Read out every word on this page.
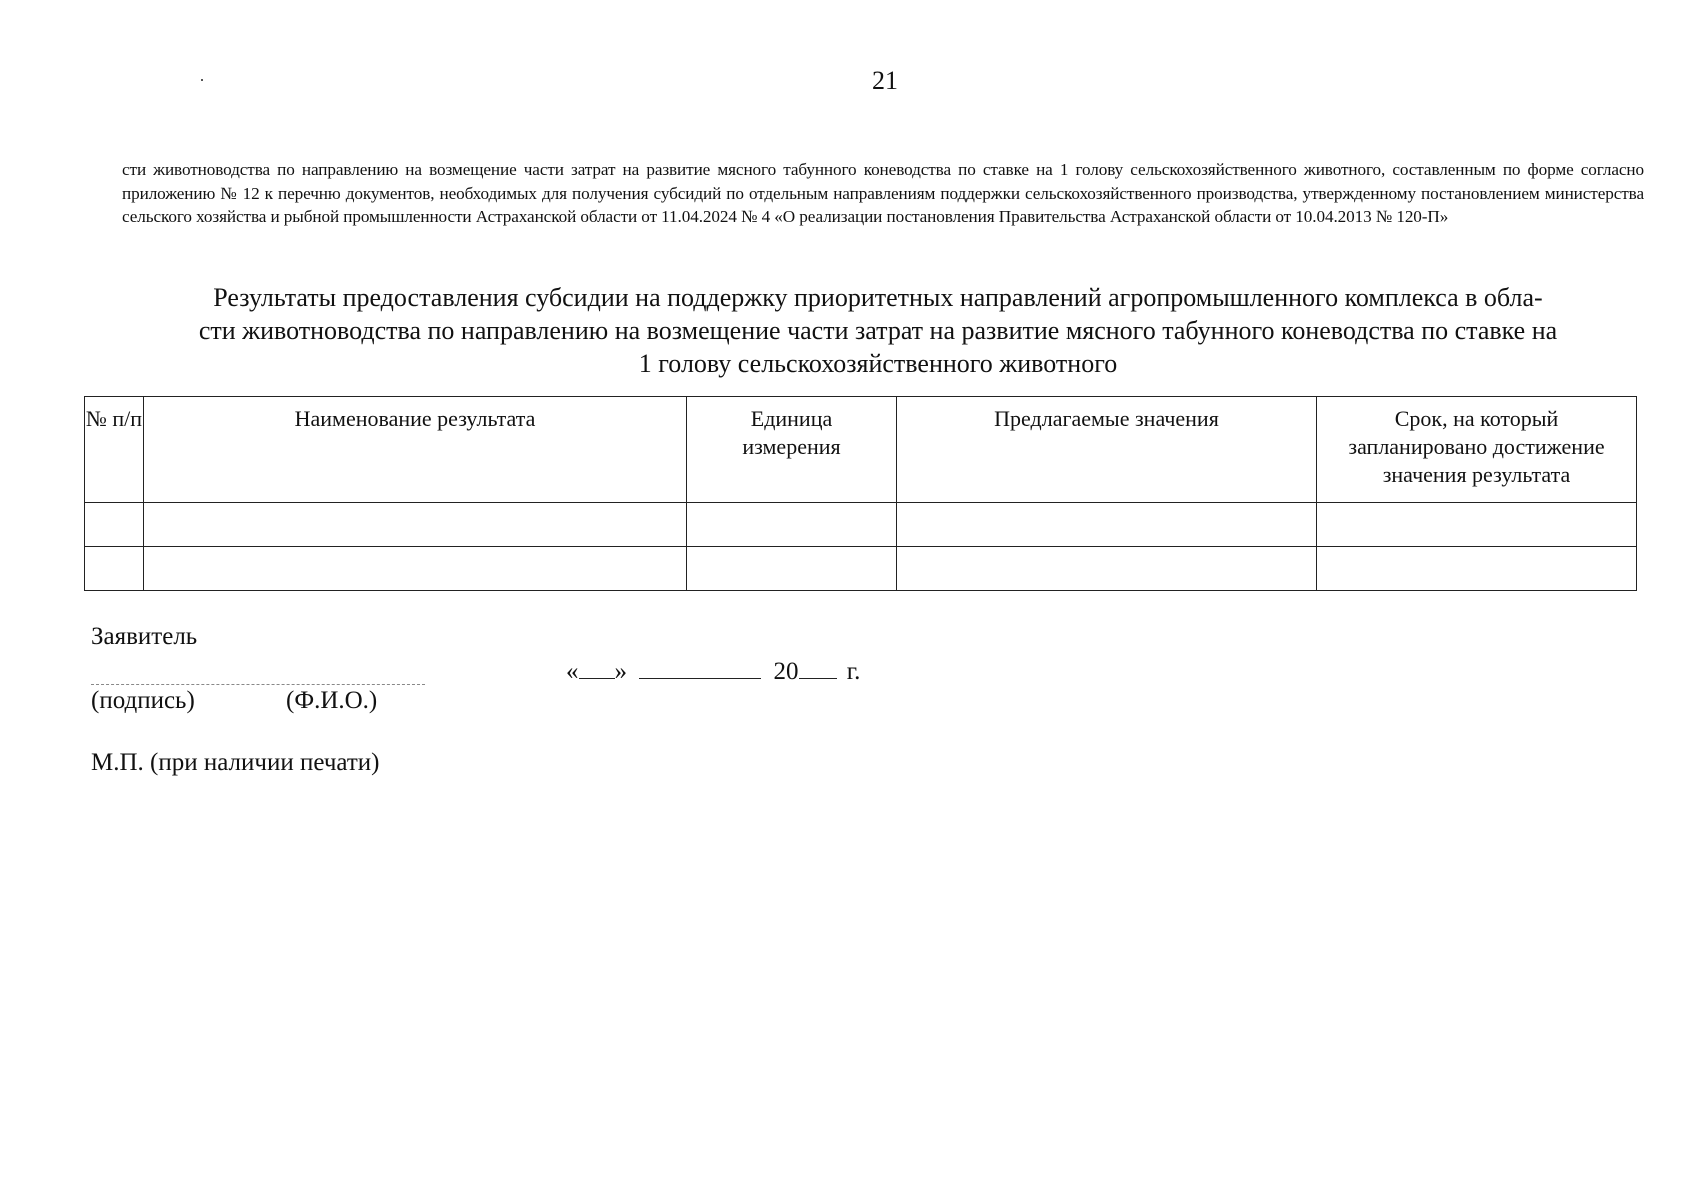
21
сти животноводства по направлению на возмещение части затрат на развитие мясного табунного коневодства по ставке на 1 голову сельскохозяйственного животного, составленным по форме согласно приложению № 12 к перечню документов, необходимых для получения субсидий по отдельным направлениям поддержки сельскохозяйственного производства, утвержденному постановлением министерства сельского хозяйства и рыбной промышленности Астраханской области от 11.04.2024 № 4 «О реализации постановления Правительства Астраханской области от 10.04.2013 № 120-П»
Результаты предоставления субсидии на поддержку приоритетных направлений агропромышленного комплекса в обла-
сти животноводства по направлению на возмещение части затрат на развитие мясного табунного коневодства по ставке на
1 голову сельскохозяйственного животного
№ п/п	Наименование результата	Единица измерения	Предлагаемые значения	Срок, на который запланировано достижение значения результата

Заявитель
(подпись)	(Ф.И.О.)
« »	20 г.
М.П. (при наличии печати)
